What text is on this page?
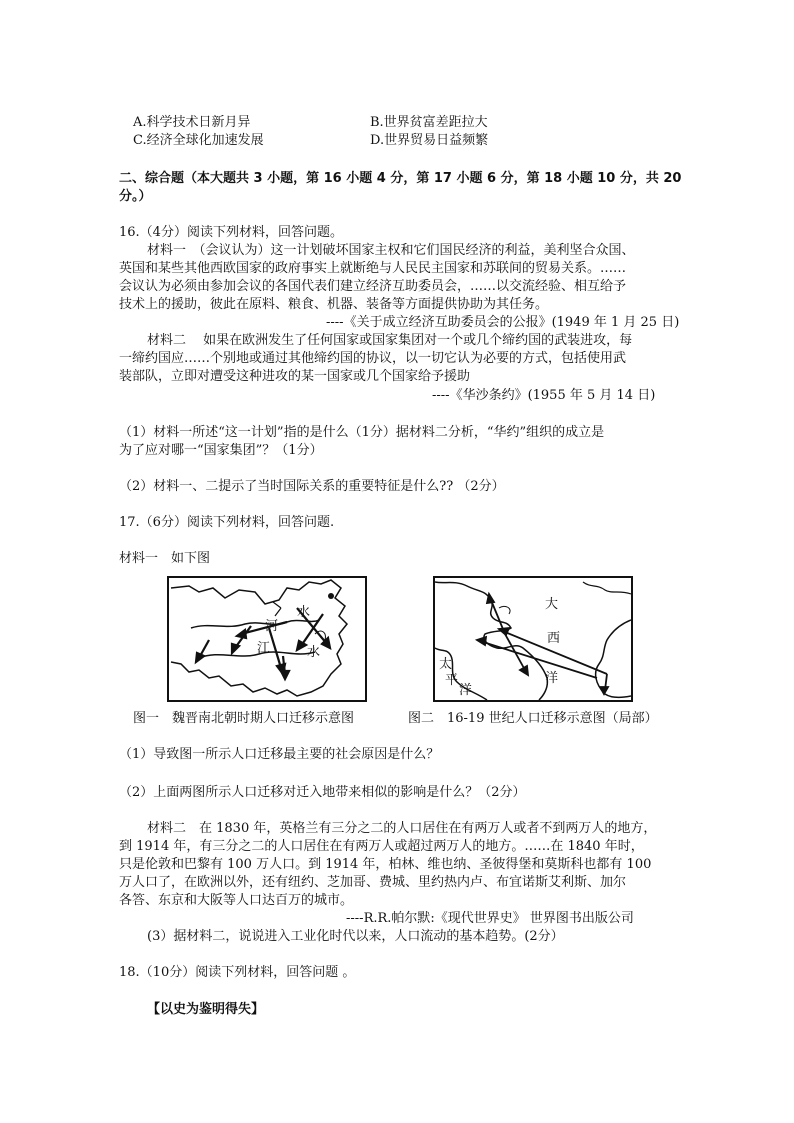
A.科学技术日新月异	B.世界贫富差距拉大
C.经济全球化加速发展	D.世界贸易日益频繁
二、综合题（本大题共 3 小题，第 16 小题 4 分，第 17 小题 6 分，第 18 小题 10 分，共 20
分。）
16.（4分）阅读下列材料，回答问题。
材料一　（会议认为）这一计划破坏国家主权和它们国民经济的利益，美利坚合众国、
英国和某些其他西欧国家的政府事实上就断绝与人民民主国家和苏联间的贸易关系。……
会议认为必须由参加会议的各国代表们建立经济互助委员会，……以交流经验、相互给予
技术上的援助，彼此在原料、粮食、机器、装备等方面提供协助为其任务。
----《关于成立经济互助委员会的公报》(1949 年 1 月 25 日)
材料二　 如果在欧洲发生了任何国家或国家集团对一个或几个缔约国的武装进攻，每
一缔约国应……个别地或通过其他缔约国的协议，以一切它认为必要的方式，包括使用武
装部队，立即对遭受这种进攻的某一国家或几个国家给予援助
----《华沙条约》(1955 年 5 月 14 日)
（1）材料一所述“这一计划”指的是什么（1分）据材料二分析，“华约”组织的成立是
为了应对哪一“国家集团”？（1分）
（2）材料一、二提示了当时国际关系的重要特征是什么?? （2分）
17.（6分）阅读下列材料，回答问题.
材料一　如下图
河
水
江	水
大
西
洋
太
平
洋
图一　魏晋南北朝时期人口迁移示意图	图二　16-19 世纪人口迁移示意图（局部）
（1）导致图一所示人口迁移最主要的社会原因是什么？
（2）上面两图所示人口迁移对迁入地带来相似的影响是什么？（2分）
材料二　在 1830 年，英格兰有三分之二的人口居住在有两万人或者不到两万人的地方，
到 1914 年，有三分之二的人口居住在有两万人或超过两万人的地方。……在 1840 年时，
只是伦敦和巴黎有 100 万人口。到 1914 年，柏林、维也纳、圣彼得堡和莫斯科也都有 100
万人口了，在欧洲以外，还有纽约、芝加哥、费城、里约热内卢、布宜诺斯艾利斯、加尔
各答、东京和大阪等人口达百万的城市。
----R.R.帕尔默:《现代世界史》 世界图书出版公司
(3）据材料二，说说进入工业化时代以来，人口流动的基本趋势。(2分）
18.（10分）阅读下列材料，回答问题 。
【以史为鉴明得失】
